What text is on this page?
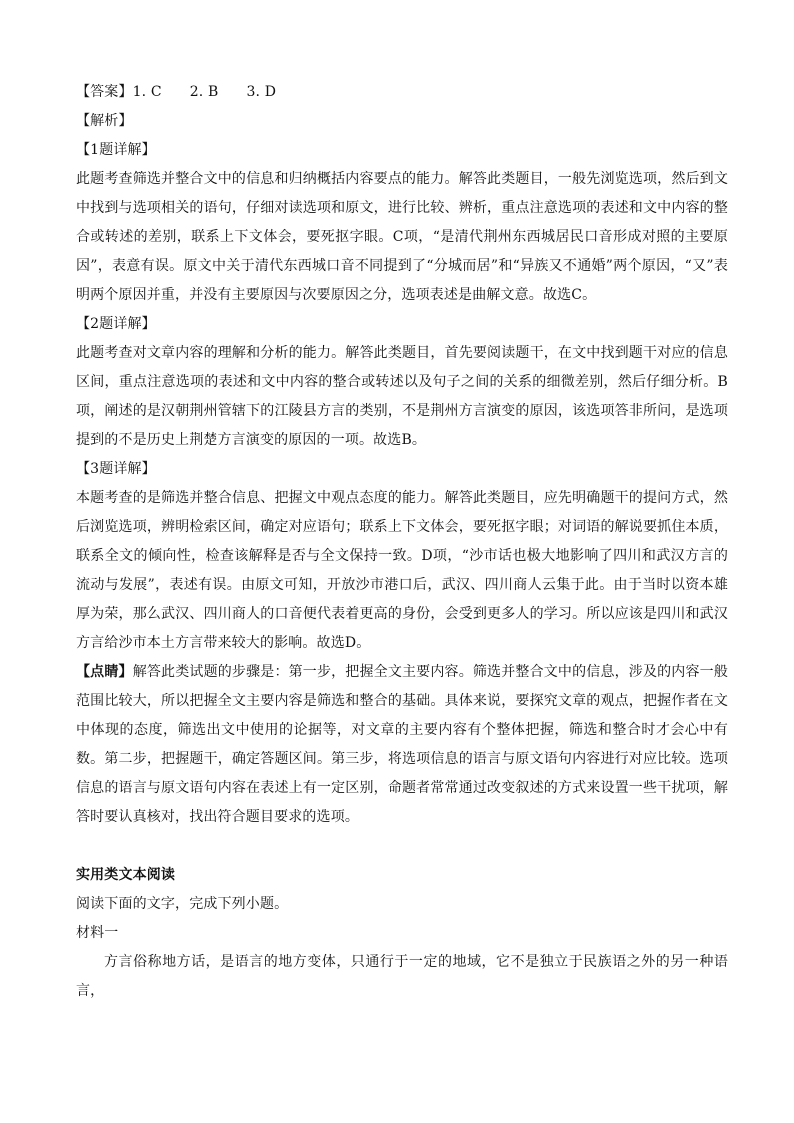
【答案】1. C 2. B 3. D

【解析】

【1题详解】

此题考查筛选并整合文中的信息和归纳概括内容要点的能力。解答此类题目，一般先浏览选项，然后到文中找到与选项相关的语句，仔细对读选项和原文，进行比较、辨析，重点注意选项的表述和文中内容的整合或转述的差别，联系上下文体会，要死抠字眼。C项，“是清代荆州东西城居民口音形成对照的主要原因”，表意有误。原文中关于清代东西城口音不同提到了“分城而居”和“异族又不通婚”两个原因，“又”表明两个原因并重，并没有主要原因与次要原因之分，选项表述是曲解文意。故选C。

【2题详解】

此题考查对文章内容的理解和分析的能力。解答此类题目，首先要阅读题干，在文中找到题干对应的信息区间，重点注意选项的表述和文中内容的整合或转述以及句子之间的关系的细微差别，然后仔细分析。B项，阐述的是汉朝荆州管辖下的江陵县方言的类别，不是荆州方言演变的原因，该选项答非所问，是选项提到的不是历史上荆楚方言演变的原因的一项。故选B。

【3题详解】

本题考查的是筛选并整合信息、把握文中观点态度的能力。解答此类题目，应先明确题干的提问方式，然后浏览选项，辨明检索区间，确定对应语句；联系上下文体会，要死抠字眼；对词语的解说要抓住本质，联系全文的倾向性，检查该解释是否与全文保持一致。D项，“沙市话也极大地影响了四川和武汉方言的流动与发展”，表述有误。由原文可知，开放沙市港口后，武汉、四川商人云集于此。由于当时以资本雄厚为荣，那么武汉、四川商人的口音便代表着更高的身份，会受到更多人的学习。所以应该是四川和武汉方言给沙市本土方言带来较大的影响。故选D。

【点睛】解答此类试题的步骤是：第一步，把握全文主要内容。筛选并整合文中的信息，涉及的内容一般范围比较大，所以把握全文主要内容是筛选和整合的基础。具体来说，要探究文章的观点，把握作者在文中体现的态度，筛选出文中使用的论据等，对文章的主要内容有个整体把握，筛选和整合时才会心中有数。第二步，把握题干，确定答题区间。第三步，将选项信息的语言与原文语句内容进行对应比较。选项信息的语言与原文语句内容在表述上有一定区别，命题者常常通过改变叙述的方式来设置一些干扰项，解答时要认真核对，找出符合题目要求的选项。

实用类文本阅读

阅读下面的文字，完成下列小题。

材料一

方言俗称地方话，是语言的地方变体，只通行于一定的地域，它不是独立于民族语之外的另一种语言，
